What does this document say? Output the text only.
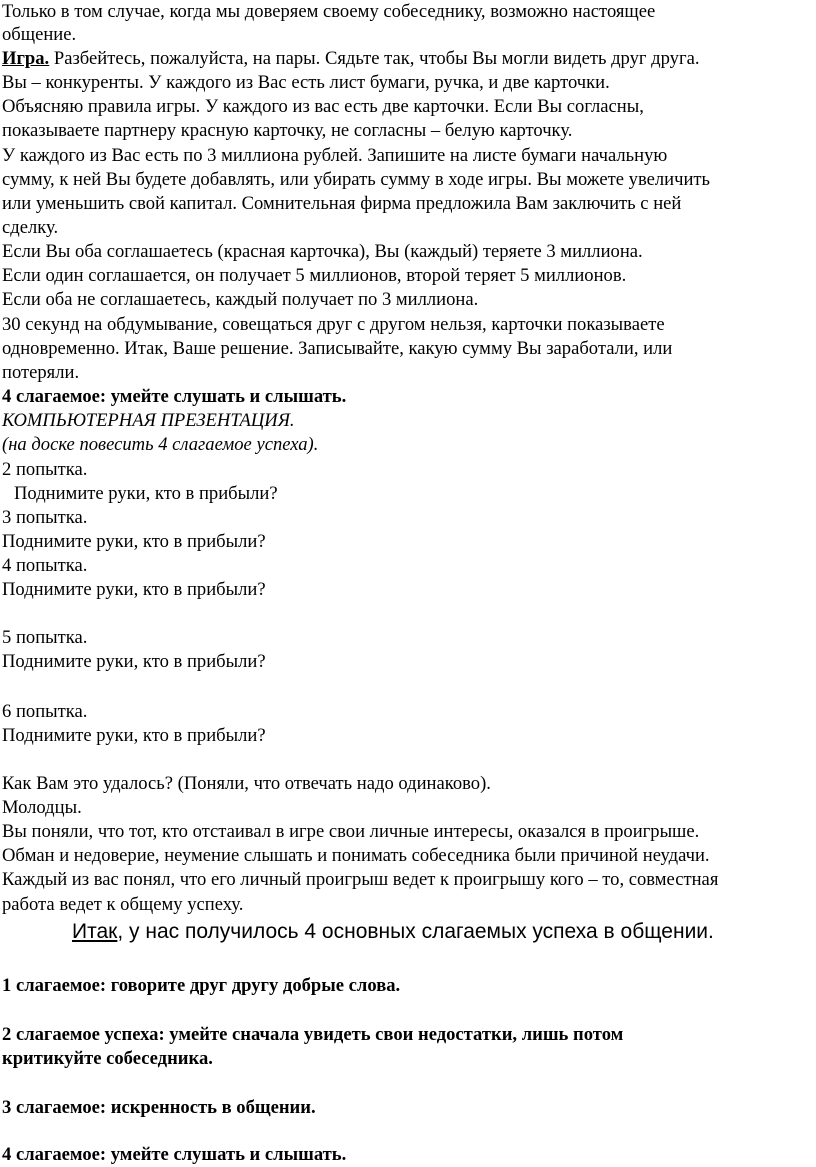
Только в том случае, когда мы доверяем своему собеседнику, возможно настоящее

общение.

Игра. Разбейтесь, пожалуйста, на пары. Сядьте так, чтобы Вы могли видеть друг друга.

Вы – конкуренты. У каждого из Вас есть лист бумаги, ручка, и две карточки.

Объясняю правила игры. У каждого из вас есть две карточки. Если Вы согласны,

показываете партнеру красную карточку, не согласны – белую карточку.

У каждого из Вас есть по 3 миллиона рублей. Запишите на листе бумаги начальную

сумму, к ней Вы будете добавлять, или убирать сумму в ходе игры. Вы можете увеличить

или уменьшить свой капитал. Сомнительная фирма предложила Вам заключить с ней

сделку.

Если Вы оба соглашаетесь (красная карточка), Вы (каждый) теряете 3 миллиона.

Если один соглашается, он получает 5 миллионов, второй теряет 5 миллионов.

Если оба не соглашаетесь, каждый получает по 3 миллиона.

30 секунд на обдумывание, совещаться друг с другом нельзя, карточки показываете

одновременно. Итак, Ваше решение. Записывайте, какую сумму Вы заработали, или

потеряли.

4 слагаемое: умейте слушать и слышать.

КОМПЬЮТЕРНАЯ ПРЕЗЕНТАЦИЯ.

(на доске повесить 4 слагаемое успеха).

2 попытка.

Поднимите руки, кто в прибыли?

3 попытка.

Поднимите руки, кто в прибыли?

4 попытка.

Поднимите руки, кто в прибыли?

5 попытка.

Поднимите руки, кто в прибыли?

6 попытка.

Поднимите руки, кто в прибыли?

Как Вам это удалось? (Поняли, что отвечать надо одинаково).

Молодцы.

Вы поняли, что тот, кто отстаивал в игре свои личные интересы, оказался в проигрыше.

Обман и недоверие, неумение слышать и понимать собеседника были причиной неудачи.

Каждый из вас понял, что его личный проигрыш ведет к проигрышу кого – то, совместная

работа ведет к общему успеху.

Итак, у нас получилось 4 основных слагаемых успеха в общении.

1 слагаемое: говорите друг другу добрые слова.

2 слагаемое успеха: умейте сначала увидеть свои недостатки, лишь потом

критикуйте собеседника.

3 слагаемое: искренность в общении.

4 слагаемое: умейте слушать и слышать.
